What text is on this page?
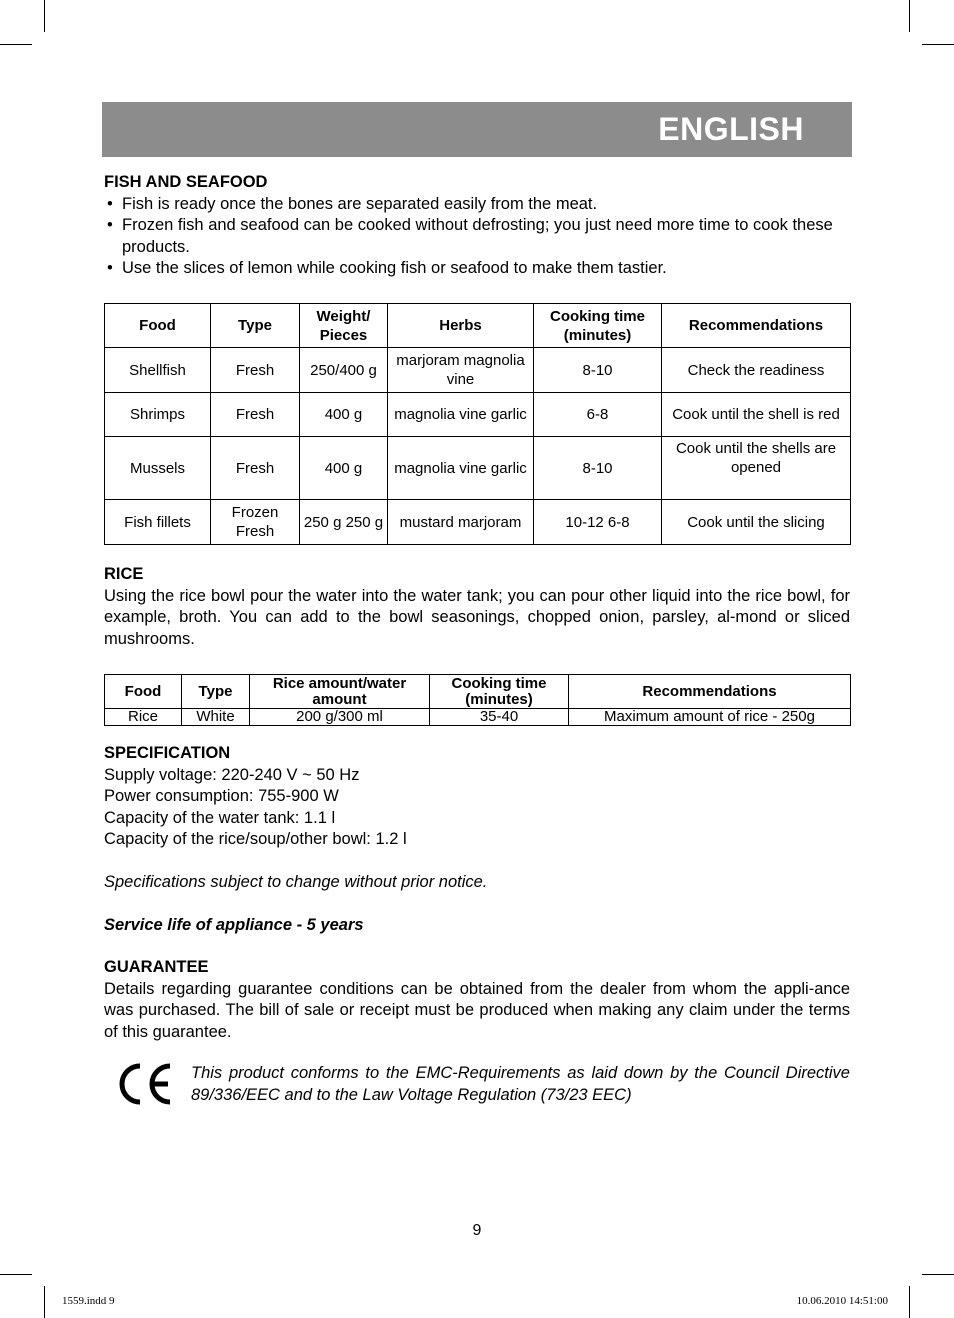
ENGLISH
FISH AND SEAFOOD
• Fish is ready once the bones are separated easily from the meat.
• Frozen fish and seafood can be cooked without defrosting; you just need more time to cook these products.
• Use the slices of lemon while cooking fish or seafood to make them tastier.
Food	Type	Weight/ Pieces	Herbs	Cooking time (minutes)	Recommendations
Shellfish	Fresh	250/400 g	marjoram magnolia vine	8-10	Check the readiness
Shrimps	Fresh	400 g	magnolia vine garlic	6-8	Cook until the shell is red
Mussels	Fresh	400 g	magnolia vine garlic	8-10	Cook until the shells are opened
Fish fillets	Frozen Fresh	250 g 250 g	mustard marjoram	10-12 6-8	Cook until the slicing
RICE

Using the rice bowl pour the water into the water tank; you can pour other liquid into the rice bowl, for example, broth. You can add to the bowl seasonings, chopped onion, parsley, al-mond or sliced mushrooms.

Food	Type	Rice amount/water amount	Cooking time (minutes)	Recommendations
Rice	White	200 g/300 ml	35-40	Maximum amount of rice - 250g
SPECIFICATION

Supply voltage: 220-240 V ~ 50 Hz

Power consumption: 755-900 W

Capacity of the water tank: 1.1 l

Capacity of the rice/soup/other bowl: 1.2 l

Specifications subject to change without prior notice.

Service life of appliance - 5 years

GUARANTEE

Details regarding guarantee conditions can be obtained from the dealer from whom the appli-ance was purchased. The bill of sale or receipt must be produced when making any claim under the terms of this guarantee.

This product conforms to the EMC-Requirements as laid down by the Council Directive 89/336/EEC and to the Law Voltage Regulation (73/23 EEC)
9
1559.indd 9	10.06.2010 14:51:00
